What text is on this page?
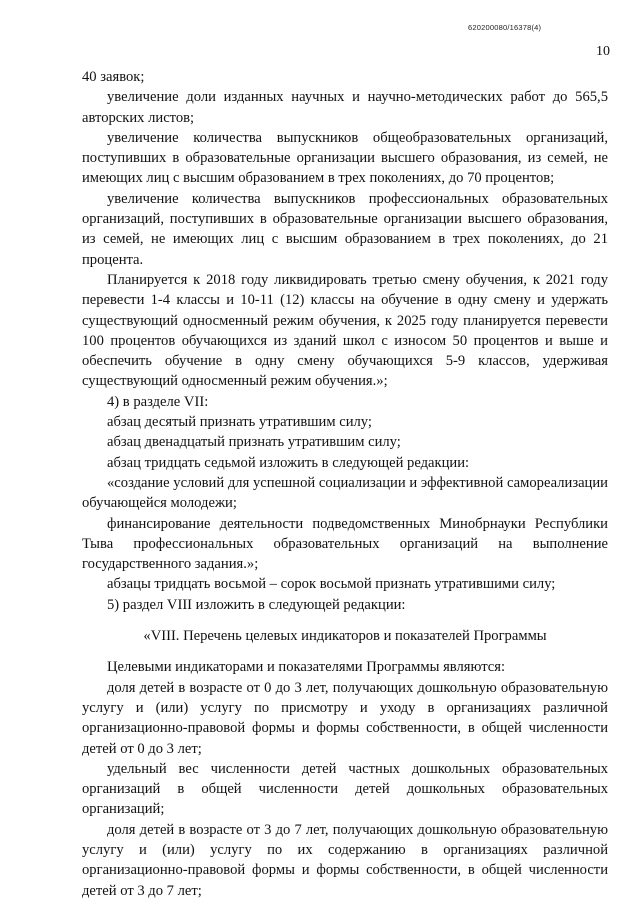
620200080/16378(4)
10

40 заявок;

увеличение доли изданных научных и научно-методических работ до 565,5 авторских листов;

увеличение количества выпускников общеобразовательных организаций, поступивших в образовательные организации высшего образования, из семей, не имеющих лиц с высшим образованием в трех поколениях, до 70 процентов;

увеличение количества выпускников профессиональных образовательных организаций, поступивших в образовательные организации высшего образования, из семей, не имеющих лиц с высшим образованием в трех поколениях, до 21 процента.

Планируется к 2018 году ликвидировать третью смену обучения, к 2021 году перевести 1-4 классы и 10-11 (12) классы на обучение в одну смену и удержать существующий односменный режим обучения, к 2025 году планируется перевести 100 процентов обучающихся из зданий школ с износом 50 процентов и выше и обеспечить обучение в одну смену обучающихся 5-9 классов, удерживая существующий односменный режим обучения.»;

4) в разделе VII:

абзац десятый признать утратившим силу;

абзац двенадцатый признать утратившим силу;

абзац тридцать седьмой изложить в следующей редакции:

«создание условий для успешной социализации и эффективной самореализации обучающейся молодежи;

финансирование деятельности подведомственных Минобрнауки Республики Тыва профессиональных образовательных организаций на выполнение государственного задания.»;

абзацы тридцать восьмой – сорок восьмой признать утратившими силу;

5) раздел VIII изложить в следующей редакции:

«VIII. Перечень целевых индикаторов и показателей Программы

Целевыми индикаторами и показателями Программы являются:

доля детей в возрасте от 0 до 3 лет, получающих дошкольную образовательную услугу и (или) услугу по присмотру и уходу в организациях различной организационно-правовой формы и формы собственности, в общей численности детей от 0 до 3 лет;

удельный вес численности детей частных дошкольных образовательных организаций в общей численности детей дошкольных образовательных организаций;

доля детей в возрасте от 3 до 7 лет, получающих дошкольную образовательную услугу и (или) услугу по их содержанию в организациях различной организационно-правовой формы и формы собственности, в общей численности детей от 3 до 7 лет;
